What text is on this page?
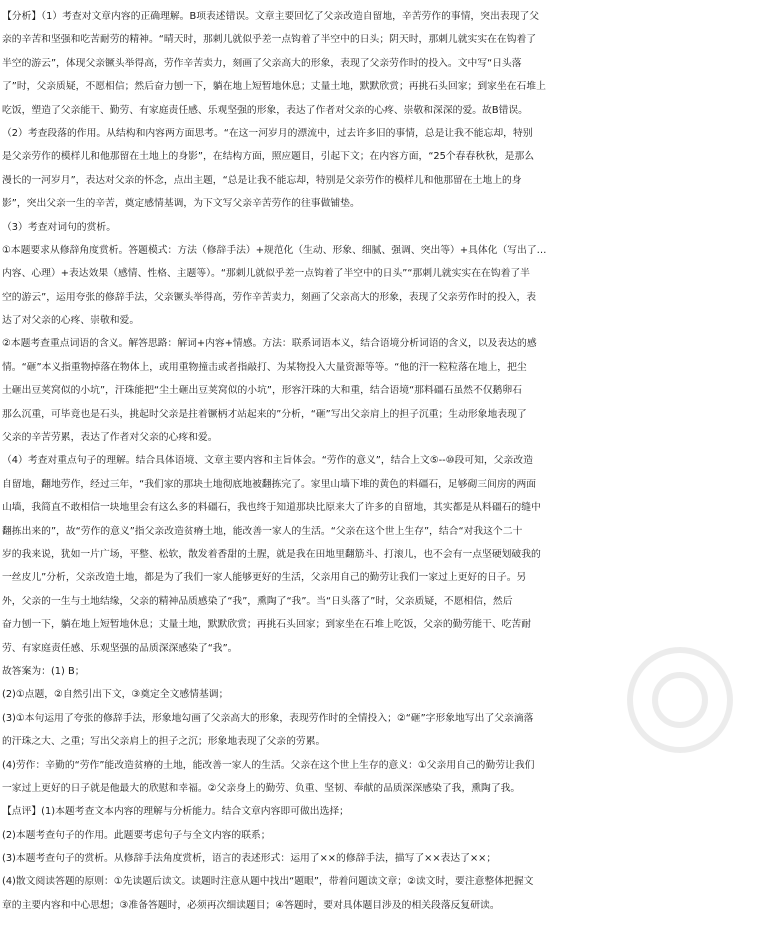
【分析】（1）考查对文章内容的正确理解。B项表述错误。文章主要回忆了父亲改造自留地，辛苦劳作的事情，突出表现了父
亲的辛苦和坚强和吃苦耐劳的精神。“晴天时，那刺儿就似乎差一点钩着了半空中的日头；阴天时，那刺儿就实实在在钩着了
半空的游云”，体现父亲镢头举得高，劳作辛苦卖力，刻画了父亲高大的形象，表现了父亲劳作时的投入。文中写“日头落
了”时，父亲质疑，不愿相信；然后奋力刨一下，躺在地上短暂地休息；丈量土地，默默欣赏；再挑石头回家；到家坐在石堆上
吃饭，塑造了父亲能干、勤劳、有家庭责任感、乐观坚强的形象，表达了作者对父亲的心疼、崇敬和深深的爱。故B错误。
（2）考查段落的作用。从结构和内容两方面思考。“在这一河岁月的漂流中，过去许多旧的事情，总是让我不能忘却，特别
是父亲劳作的模样儿和他那留在土地上的身影”，在结构方面，照应题目，引起下文；在内容方面，“25个春春秋秋，是那么
漫长的一河岁月”，表达对父亲的怀念，点出主题，“总是让我不能忘却，特别是父亲劳作的模样儿和他那留在土地上的身
影”，突出父亲一生的辛苦，奠定感情基调，为下文写父亲辛苦劳作的往事做铺垫。
（3）考查对词句的赏析。
①本题要求从修辞角度赏析。答题模式：方法（修辞手法）+规范化（生动、形象、细腻、强调、突出等）+具体化（写出了…
内容、心理）+表达效果（感情、性格、主题等）。“那刺儿就似乎差一点钩着了半空中的日头”“那刺儿就实实在在钩着了半
空的游云”，运用夸张的修辞手法，父亲镢头举得高，劳作辛苦卖力，刻画了父亲高大的形象，表现了父亲劳作时的投入，表
达了对父亲的心疼、崇敬和爱。
②本题考查重点词语的含义。解答思路：解词+内容+情感。方法：联系词语本义，结合语境分析词语的含义，以及表达的感
情。“砸”本义指重物掉落在物体上，或用重物撞击或者指敲打、为某物投入大量资源等等。“他的汗一粒粒落在地上，把尘
土砸出豆荚窝似的小坑”，汗珠能把“尘土砸出豆荚窝似的小坑”，形容汗珠的大和重，结合语境“那料礓石虽然不仅鹅卵石
那么沉重，可毕竟也是石头，挑起时父亲是拄着镢柄才站起来的”分析，“砸”写出父亲肩上的担子沉重；生动形象地表现了
父亲的辛苦劳累，表达了作者对父亲的心疼和爱。
（4）考查对重点句子的理解。结合具体语境、文章主要内容和主旨体会。“劳作的意义”，结合上文⑤--⑩段可知，父亲改造
自留地，翻地劳作，经过三年，“我们家的那块土地彻底地被翻拣完了。家里山墙下堆的黄色的料礓石，足够砌三间房的两面
山墙，我简直不敢相信一块地里会有这么多的料礓石，我也终于知道那块比原来大了许多的自留地，其实都是从料礓石的缝中
翻拣出来的”，故“劳作的意义”指父亲改造贫瘠土地，能改善一家人的生活。“父亲在这个世上生存”，结合“对我这个二十
岁的我来说，犹如一片广场，平整、松软，散发着香甜的土腥，就是我在田地里翻筋斗、打滚儿，也不会有一点坚硬划破我的
一丝皮儿”分析，父亲改造土地，都是为了我们一家人能够更好的生活，父亲用自己的勤劳让我们一家过上更好的日子。另
外，父亲的一生与土地结缘，父亲的精神品质感染了“我”，熏陶了“我”。当“日头落了”时，父亲质疑，不愿相信，然后
奋力刨一下，躺在地上短暂地休息；丈量土地，默默欣赏；再挑石头回家；到家坐在石堆上吃饭，父亲的勤劳能干、吃苦耐
劳、有家庭责任感、乐观坚强的品质深深感染了“我”。
故答案为：(1) B；
(2)①点题，②自然引出下文，③奠定全文感情基调；
(3)①本句运用了夸张的修辞手法，形象地勾画了父亲高大的形象，表现劳作时的全情投入；②“砸”字形象地写出了父亲滴落
的汗珠之大、之重；写出父亲肩上的担子之沉；形象地表现了父亲的劳累。
(4)劳作：辛勤的“劳作”能改造贫瘠的土地，能改善一家人的生活。父亲在这个世上生存的意义：①父亲用自己的勤劳让我们
一家过上更好的日子就是他最大的欣慰和幸福。②父亲身上的勤劳、负重、坚韧、奉献的品质深深感染了我，熏陶了我。
【点评】(1)本题考查文本内容的理解与分析能力。结合文章内容即可做出选择；
(2)本题考查句子的作用。此题要考虑句子与全文内容的联系；
(3)本题考查句子的赏析。从修辞手法角度赏析，语言的表述形式：运用了××的修辞手法，描写了××表达了××；
(4)散文阅读答题的原则：①先读题后读文。读题时注意从题中找出“题眼”，带着问题读文章；②读文时，要注意整体把握文
章的主要内容和中心思想；③准备答题时，必须再次细读题目；④答题时，要对具体题目涉及的相关段落反复研读。
